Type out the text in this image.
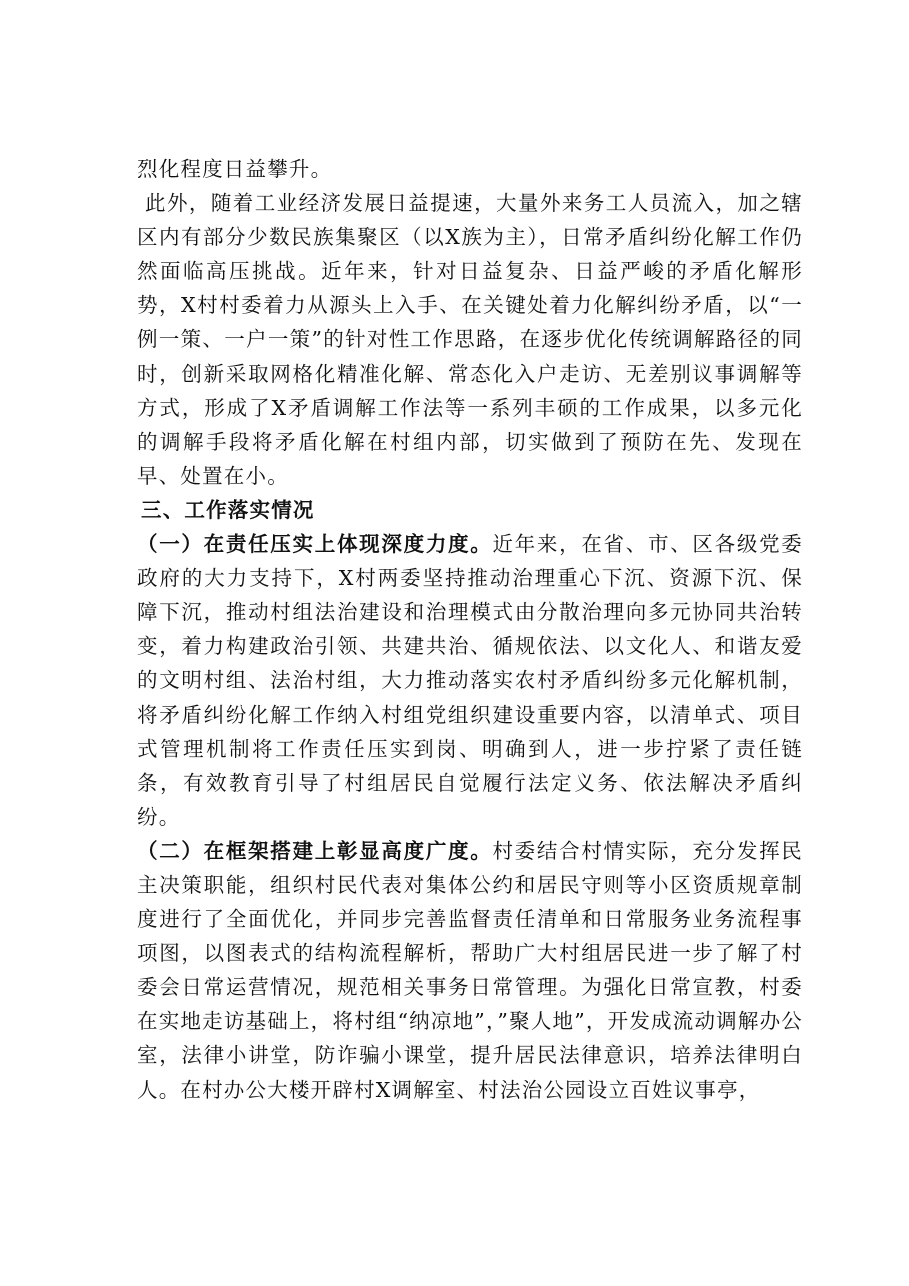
烈化程度日益攀升。

此外，随着工业经济发展日益提速，大量外来务工人员流入，加之辖区内有部分少数民族集聚区（以X族为主），日常矛盾纠纷化解工作仍然面临高压挑战。近年来，针对日益复杂、日益严峻的矛盾化解形势，X村村委着力从源头上入手、在关键处着力化解纠纷矛盾，以“一例一策、一户一策”的针对性工作思路，在逐步优化传统调解路径的同时，创新采取网格化精准化解、常态化入户走访、无差别议事调解等方式，形成了X矛盾调解工作法等一系列丰硕的工作成果，以多元化的调解手段将矛盾化解在村组内部，切实做到了预防在先、发现在早、处置在小。

三、工作落实情况

（一）在责任压实上体现深度力度。近年来，在省、市、区各级党委政府的大力支持下，X村两委坚持推动治理重心下沉、资源下沉、保障下沉，推动村组法治建设和治理模式由分散治理向多元协同共治转变，着力构建政治引领、共建共治、循规依法、以文化人、和谐友爱的文明村组、法治村组，大力推动落实农村矛盾纠纷多元化解机制，将矛盾纠纷化解工作纳入村组党组织建设重要内容，以清单式、项目式管理机制将工作责任压实到岗、明确到人，进一步拧紧了责任链条，有效教育引导了村组居民自觉履行法定义务、依法解决矛盾纠纷。

（二）在框架搭建上彰显高度广度。村委结合村情实际，充分发挥民主决策职能，组织村民代表对集体公约和居民守则等小区资质规章制度进行了全面优化，并同步完善监督责任清单和日常服务业务流程事项图，以图表式的结构流程解析，帮助广大村组居民进一步了解了村委会日常运营情况，规范相关事务日常管理。为强化日常宣教，村委在实地走访基础上，将村组“纳凉地”，”聚人地”，开发成流动调解办公室，法律小讲堂，防诈骗小课堂，提升居民法律意识，培养法律明白人。在村办公大楼开辟村X调解室、村法治公园设立百姓议事亭，
